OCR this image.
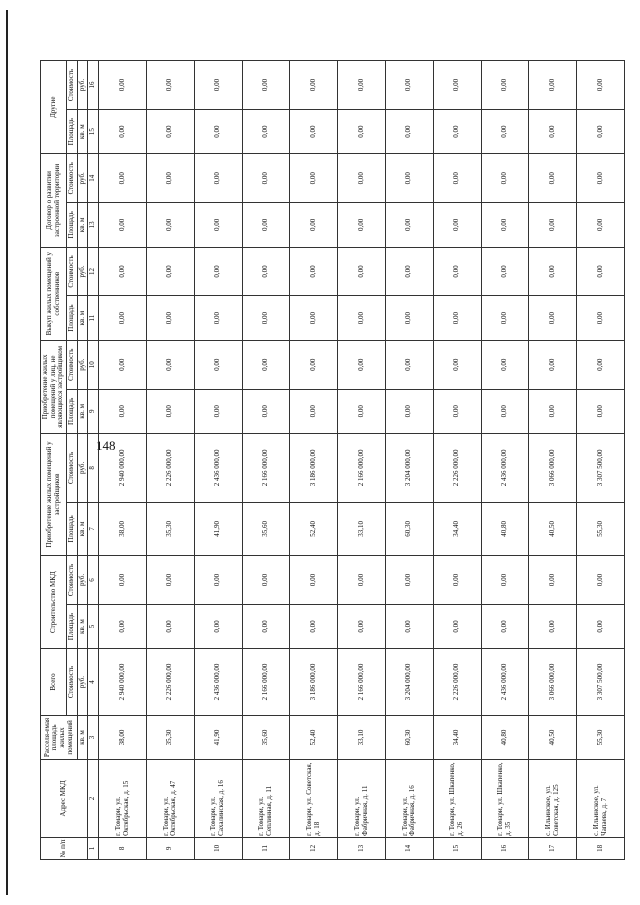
148
№ п/п	Адрес МКД	Расселя-емая площадь жилых помещений	Всего	Строительство МКД		Приобретение жилых помещений у застройщиков		Приобретение жилых помещений у лиц, не являющихся застройщиком		Выкуп жилых помещений у собственников		Договор о развитии застроенной территории		Другие	
			Стоимость	Площадь	Стоимость	Площадь	Стоимость	Площадь	Стоимость	Площадь	Стоимость	Площадь	Стоимость	Площадь	Стоимость
		кв. м	руб.	кв. м	руб.	кв. м	руб.	кв. м	руб.	кв. м	руб.	кв. м	руб.	кв. м	руб.
1	2	3	4	5	6	7	8	9	10	11	12	13	14	15	16
8	г. Томари, ул. Октябрьская, д. 15	38,00	2 940 000,00	0,00	0,00	38,00	2 940 000,00	0,00	0,00	0,00	0,00	0,00	0,00	0,00	0,00
9	г. Томари, ул. Октябрьская, д. 47	35,30	2 226 000,00	0,00	0,00	35,30	2 226 000,00	0,00	0,00	0,00	0,00	0,00	0,00	0,00	0,00
10	г. Томари, ул. Сахалинская, д. 16	41,90	2 436 000,00	0,00	0,00	41,90	2 436 000,00	0,00	0,00	0,00	0,00	0,00	0,00	0,00	0,00
11	г. Томари, ул. Сеплинная, д. 11	35,60	2 166 000,00	0,00	0,00	35,60	2 166 000,00	0,00	0,00	0,00	0,00	0,00	0,00	0,00	0,00
12	г. Томари, ул. Советская, д. 18	52,40	3 186 000,00	0,00	0,00	52,40	3 186 000,00	0,00	0,00	0,00	0,00	0,00	0,00	0,00	0,00
13	г. Томари, ул. Фабричная, д. 11	33,10	2 166 000,00	0,00	0,00	33,10	2 166 000,00	0,00	0,00	0,00	0,00	0,00	0,00	0,00	0,00
14	г. Томари, ул. Фабричная, д. 16	60,30	3 204 000,00	0,00	0,00	60,30	3 204 000,00	0,00	0,00	0,00	0,00	0,00	0,00	0,00	0,00
15	г. Томари, ул. Шкапенко, д. 26	34,40	2 226 000,00	0,00	0,00	34,40	2 226 000,00	0,00	0,00	0,00	0,00	0,00	0,00	0,00	0,00
16	г. Томари, ул. Шкапенко, д. 35	40,80	2 436 000,00	0,00	0,00	40,80	2 436 000,00	0,00	0,00	0,00	0,00	0,00	0,00	0,00	0,00
17	с. Ильинское, ул. Советская, д. 125	40,50	3 066 000,00	0,00	0,00	40,50	3 066 000,00	0,00	0,00	0,00	0,00	0,00	0,00	0,00	0,00
18	с. Ильинское, ул. Чапаева, д. 7	55,30	3 307 500,00	0,00	0,00	55,30	3 307 500,00	0,00	0,00	0,00	0,00	0,00	0,00	0,00	0,00
